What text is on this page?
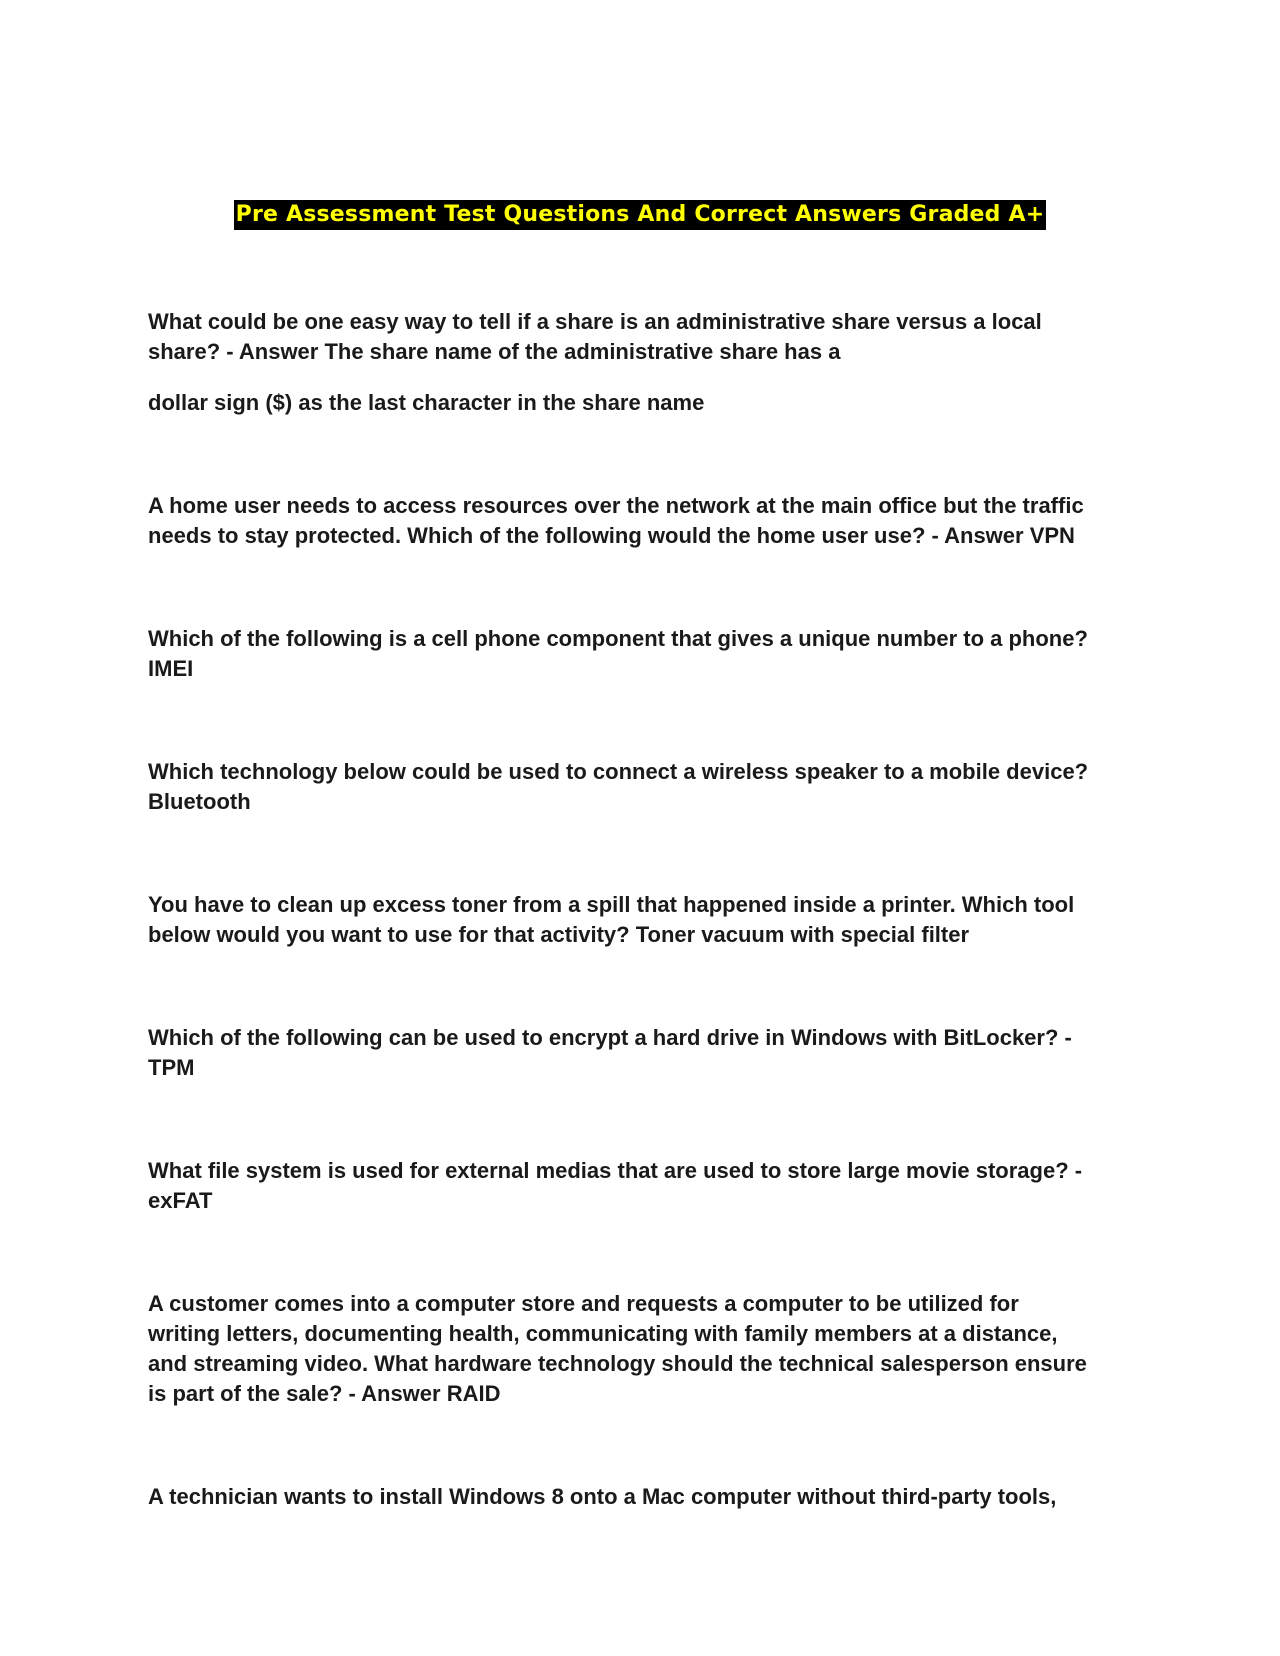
Pre Assessment Test Questions And Correct Answers Graded A+

What could be one easy way to tell if a share is an administrative share versus a local

share? - Answer The share name of the administrative share has a

dollar sign ($) as the last character in the share name

A home user needs to access resources over the network at the main office but the traffic

needs to stay protected. Which of the following would the home user use? - Answer VPN

Which of the following is a cell phone component that gives a unique number to a phone?

IMEI

Which technology below could be used to connect a wireless speaker to a mobile device?

Bluetooth

You have to clean up excess toner from a spill that happened inside a printer. Which tool

below would you want to use for that activity? Toner vacuum with special filter

Which of the following can be used to encrypt a hard drive in Windows with BitLocker? -

TPM

What file system is used for external medias that are used to store large movie storage? -

exFAT

A customer comes into a computer store and requests a computer to be utilized for

writing letters, documenting health, communicating with family members at a distance,

and streaming video. What hardware technology should the technical salesperson ensure

is part of the sale? - Answer RAID

A technician wants to install Windows 8 onto a Mac computer without third-party tools,
